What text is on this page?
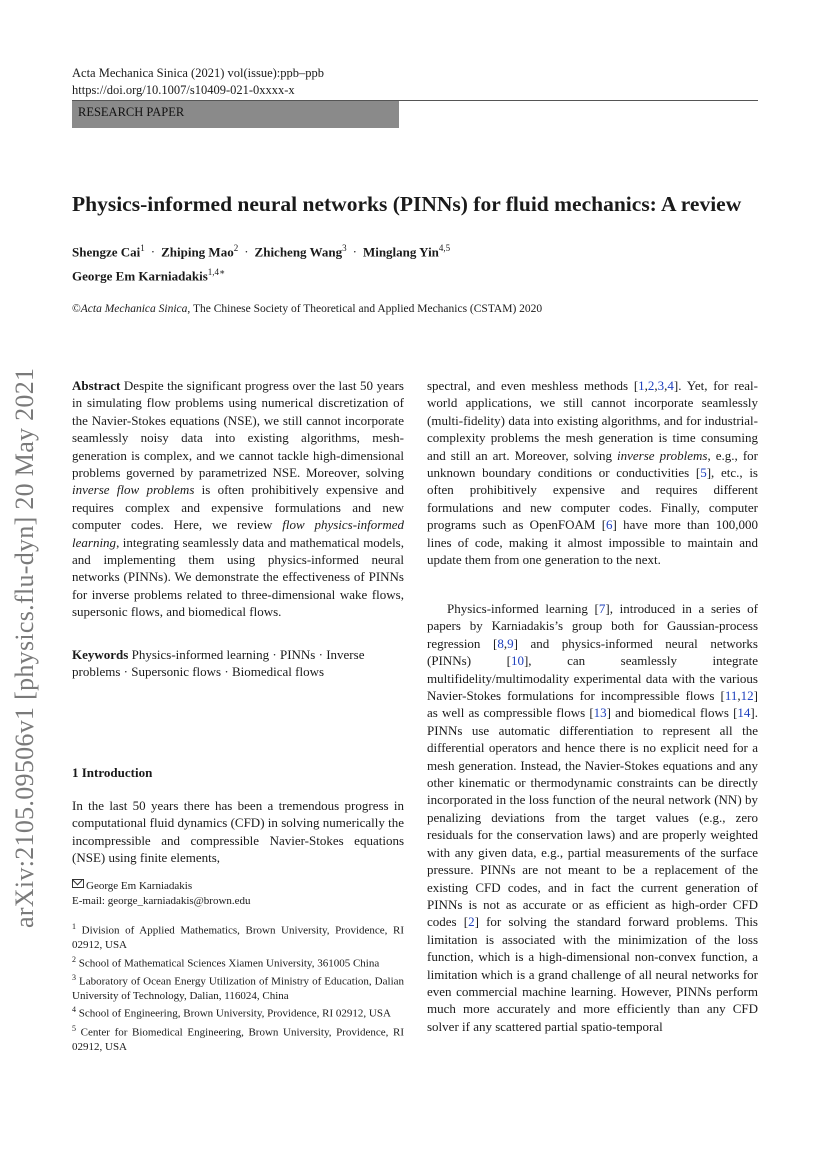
Acta Mechanica Sinica (2021) vol(issue):ppb–ppb
https://doi.org/10.1007/s10409-021-0xxxx-x
RESEARCH PAPER
Physics-informed neural networks (PINNs) for fluid mechanics: A review
Shengze Cai$^1$ · Zhiping Mao$^2$ · Zhicheng Wang$^3$ · Minglang Yin$^{4,5}$
George Em Karniadakis$^{1,4∗}$
©Acta Mechanica Sinica, The Chinese Society of Theoretical and Applied Mechanics (CSTAM) 2020
arXiv:2105.09506v1 [physics.flu-dyn] 20 May 2021	Abstract Despite the significant progress over the last 50 years in simulating flow problems using numerical discretization of the Navier-Stokes equations (NSE), we still cannot incorporate seamlessly noisy data into existing algorithms, mesh-generation is complex, and we cannot tackle high-dimensional problems governed by parametrized NSE. Moreover, solving inverse flow problems is often prohibitively expensive and requires complex and expensive formulations and new computer codes. Here, we review flow physics-informed learning, integrating seamlessly data and mathematical models, and implementing them using physics-informed neural networks (PINNs). We demonstrate the effectiveness of PINNs for inverse problems related to three-dimensional wake flows, supersonic flows, and biomedical flows.

Keywords Physics-informed learning · PINNs · Inverse problems · Supersonic flows · Biomedical flows

1 Introduction

In the last 50 years there has been a tremendous progress in computational fluid dynamics (CFD) in solving numerically the incompressible and compressible Navier-Stokes equations (NSE) using finite elements,

George Em Karniadakis
E-mail: george_karniadakis@brown.edu
$^1$ Division of Applied Mathematics, Brown University, Providence, RI 02912, USA
$^2$ School of Mathematical Sciences Xiamen University, 361005 China
$^3$ Laboratory of Ocean Energy Utilization of Ministry of Education, Dalian University of Technology, Dalian, 116024, China
$^4$ School of Engineering, Brown University, Providence, RI 02912, USA
$^5$ Center for Biomedical Engineering, Brown University, Providence, RI 02912, USA

spectral, and even meshless methods [1,2,3,4]. Yet, for real-world applications, we still cannot incorporate seamlessly (multi-fidelity) data into existing algorithms, and for industrial-complexity problems the mesh generation is time consuming and still an art. Moreover, solving inverse problems, e.g., for unknown boundary conditions or conductivities [5], etc., is often prohibitively expensive and requires different formulations and new computer codes. Finally, computer programs such as OpenFOAM [6] have more than 100,000 lines of code, making it almost impossible to maintain and update them from one generation to the next.

Physics-informed learning [7], introduced in a series of papers by Karniadakis’s group both for Gaussian-process regression [8,9] and physics-informed neural networks (PINNs) [10], can seamlessly integrate multifidelity/multimodality experimental data with the various Navier-Stokes formulations for incompressible flows [11,12] as well as compressible flows [13] and biomedical flows [14]. PINNs use automatic differentiation to represent all the differential operators and hence there is no explicit need for a mesh generation. Instead, the Navier-Stokes equations and any other kinematic or thermodynamic constraints can be directly incorporated in the loss function of the neural network (NN) by penalizing deviations from the target values (e.g., zero residuals for the conservation laws) and are properly weighted with any given data, e.g., partial measurements of the surface pressure. PINNs are not meant to be a replacement of the existing CFD codes, and in fact the current generation of PINNs is not as accurate or as efficient as high-order CFD codes [2] for solving the standard forward problems. This limitation is associated with the minimization of the loss function, which is a high-dimensional non-convex function, a limitation which is a grand challenge of all neural networks for even commercial machine learning. However, PINNs perform much more accurately and more efficiently than any CFD solver if any scattered partial spatio-temporal
